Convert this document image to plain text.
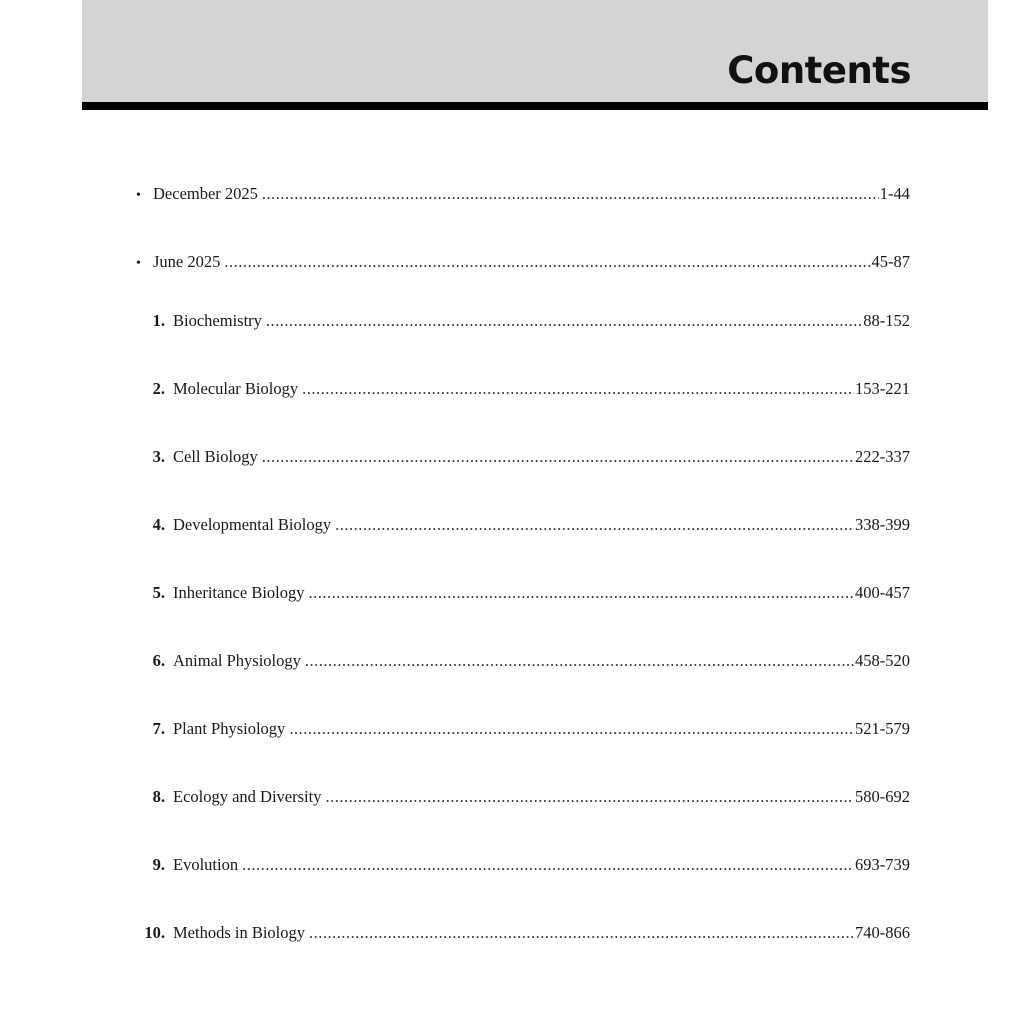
Contents
• December 2025 .....	1-44
• June 2025 .....	45-87
1. Biochemistry .....	88-152
2. Molecular Biology .....	153-221
3. Cell Biology .....	222-337
4. Developmental Biology .....	338-399
5. Inheritance Biology .....	400-457
6. Animal Physiology .....	458-520
7. Plant Physiology .....	521-579
8. Ecology and Diversity .....	580-692
9. Evolution .....	693-739
10. Methods in Biology .....	740-866
